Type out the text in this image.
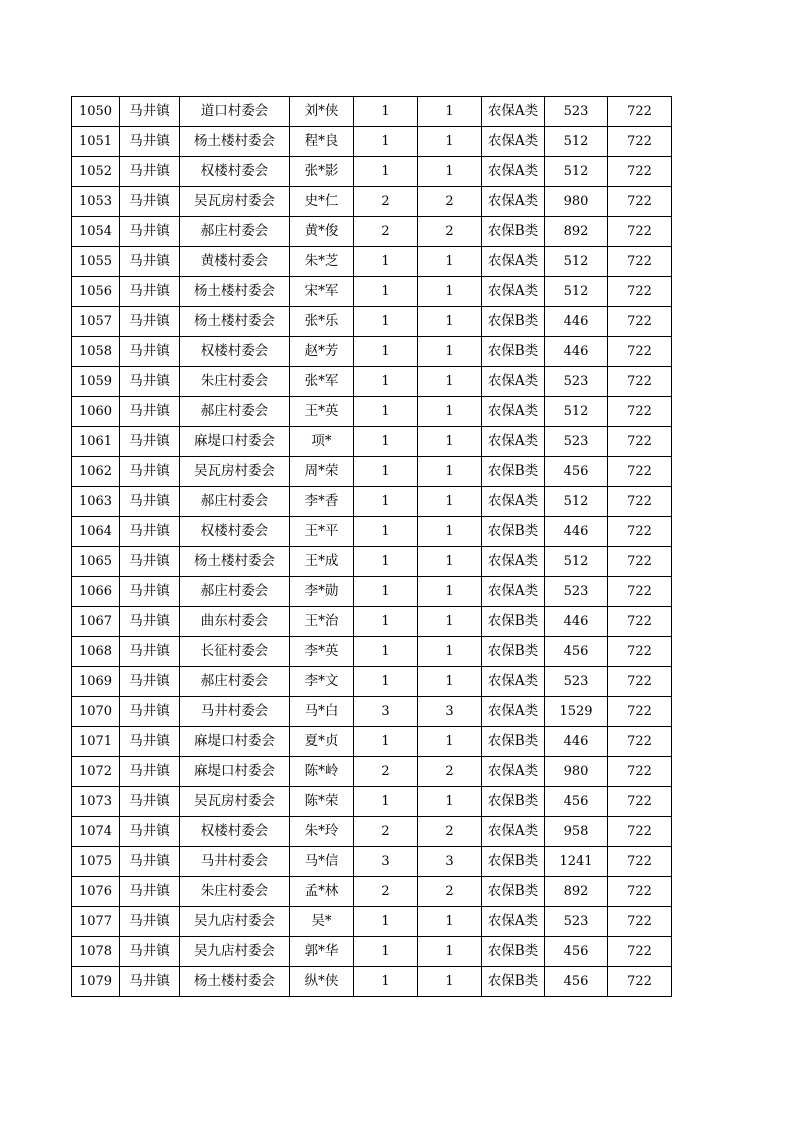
1050	马井镇	道口村委会	刘*侠	1	1	农保A类	523	722
1051	马井镇	杨土楼村委会	程*良	1	1	农保A类	512	722
1052	马井镇	权楼村委会	张*影	1	1	农保A类	512	722
1053	马井镇	吴瓦房村委会	史*仁	2	2	农保A类	980	722
1054	马井镇	郝庄村委会	黄*俊	2	2	农保B类	892	722
1055	马井镇	黄楼村委会	朱*芝	1	1	农保A类	512	722
1056	马井镇	杨土楼村委会	宋*军	1	1	农保A类	512	722
1057	马井镇	杨土楼村委会	张*乐	1	1	农保B类	446	722
1058	马井镇	权楼村委会	赵*芳	1	1	农保B类	446	722
1059	马井镇	朱庄村委会	张*军	1	1	农保A类	523	722
1060	马井镇	郝庄村委会	王*英	1	1	农保A类	512	722
1061	马井镇	麻堤口村委会	项*	1	1	农保A类	523	722
1062	马井镇	吴瓦房村委会	周*荣	1	1	农保B类	456	722
1063	马井镇	郝庄村委会	李*香	1	1	农保A类	512	722
1064	马井镇	权楼村委会	王*平	1	1	农保B类	446	722
1065	马井镇	杨土楼村委会	王*成	1	1	农保A类	512	722
1066	马井镇	郝庄村委会	李*勋	1	1	农保A类	523	722
1067	马井镇	曲东村委会	王*治	1	1	农保B类	446	722
1068	马井镇	长征村委会	李*英	1	1	农保B类	456	722
1069	马井镇	郝庄村委会	李*文	1	1	农保A类	523	722
1070	马井镇	马井村委会	马*白	3	3	农保A类	1529	722
1071	马井镇	麻堤口村委会	夏*贞	1	1	农保B类	446	722
1072	马井镇	麻堤口村委会	陈*岭	2	2	农保A类	980	722
1073	马井镇	吴瓦房村委会	陈*荣	1	1	农保B类	456	722
1074	马井镇	权楼村委会	朱*玲	2	2	农保A类	958	722
1075	马井镇	马井村委会	马*信	3	3	农保B类	1241	722
1076	马井镇	朱庄村委会	孟*林	2	2	农保B类	892	722
1077	马井镇	吴九店村委会	吴*	1	1	农保A类	523	722
1078	马井镇	吴九店村委会	郭*华	1	1	农保B类	456	722
1079	马井镇	杨土楼村委会	纵*侠	1	1	农保B类	456	722
